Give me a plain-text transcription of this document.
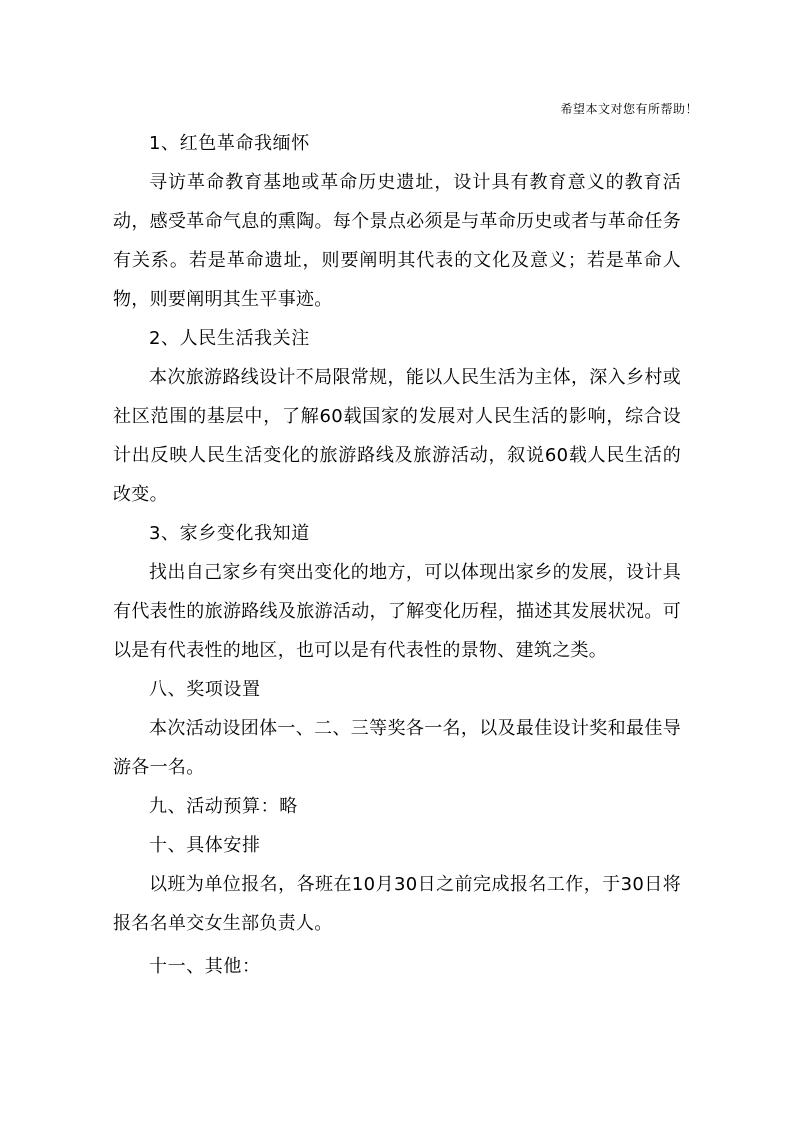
希望本文对您有所帮助！

1、红色革命我缅怀

寻访革命教育基地或革命历史遗址，设计具有教育意义的教育活动，感受革命气息的熏陶。每个景点必须是与革命历史或者与革命任务有关系。若是革命遗址，则要阐明其代表的文化及意义；若是革命人物，则要阐明其生平事迹。

2、人民生活我关注

本次旅游路线设计不局限常规，能以人民生活为主体，深入乡村或社区范围的基层中，了解60载国家的发展对人民生活的影响，综合设计出反映人民生活变化的旅游路线及旅游活动，叙说60载人民生活的改变。

3、家乡变化我知道

找出自己家乡有突出变化的地方，可以体现出家乡的发展，设计具有代表性的旅游路线及旅游活动，了解变化历程，描述其发展状况。可以是有代表性的地区，也可以是有代表性的景物、建筑之类。

八、奖项设置

本次活动设团体一、二、三等奖各一名，以及最佳设计奖和最佳导游各一名。

九、活动预算：略

十、具体安排

以班为单位报名，各班在10月30日之前完成报名工作，于30日将报名名单交女生部负责人。

十一、其他：
